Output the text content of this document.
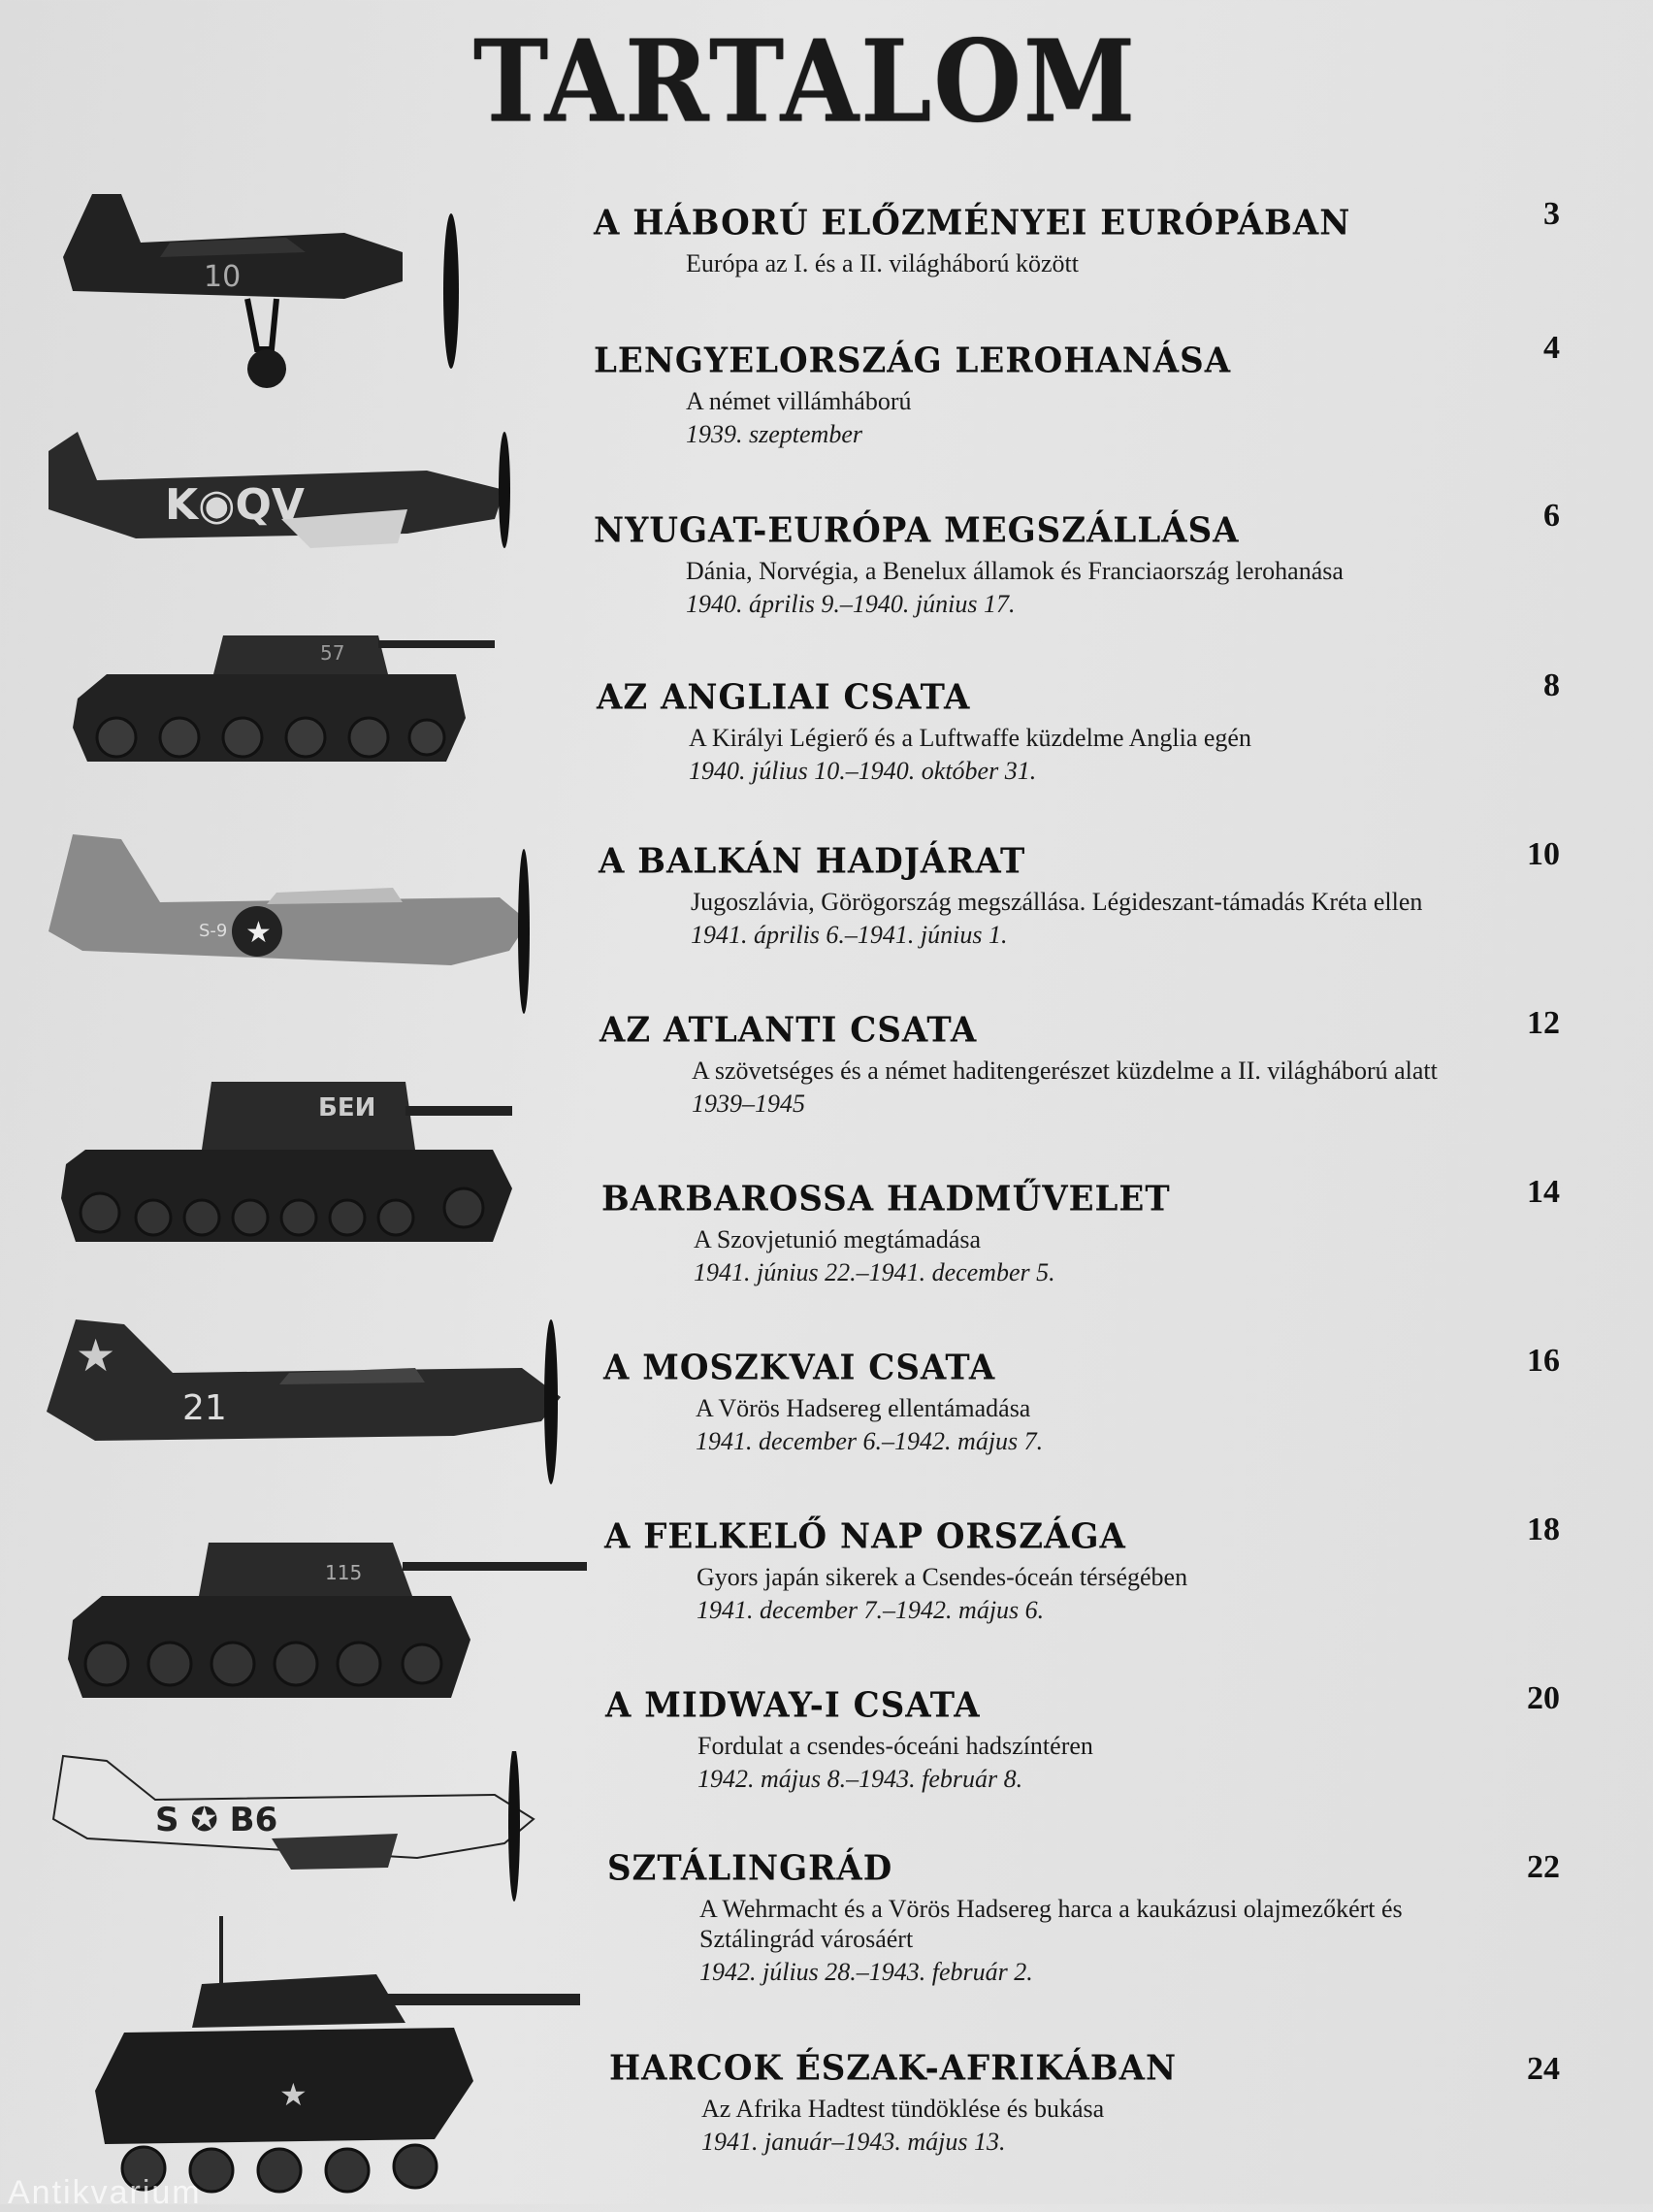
TARTALOM
A HÁBORÚ ELŐZMÉNYEI EURÓPÁBAN
Európa az I. és a II. világháború között
3
LENGYELORSZÁG LEROHANÁSA
A német villámháború
1939. szeptember
4
NYUGAT-EURÓPA MEGSZÁLLÁSA
Dánia, Norvégia, a Benelux államok és Franciaország lerohanása
1940. április 9.–1940. június 17.
6
AZ ANGLIAI CSATA
A Királyi Légierő és a Luftwaffe küzdelme Anglia egén
1940. július 10.–1940. október 31.
8
A BALKÁN HADJÁRAT
Jugoszlávia, Görögország megszállása. Légideszant-támadás Kréta ellen
1941. április 6.–1941. június 1.
10
AZ ATLANTI CSATA
A szövetséges és a német haditengerészet küzdelme a II. világháború alatt
1939–1945
12
BARBAROSSA HADMŰVELET
A Szovjetunió megtámadása
1941. június 22.–1941. december 5.
14
A MOSZKVAI CSATA
A Vörös Hadsereg ellentámadása
1941. december 6.–1942. május 7.
16
A FELKELŐ NAP ORSZÁGA
Gyors japán sikerek a Csendes-óceán térségében
1941. december 7.–1942. május 6.
18
A MIDWAY-I CSATA
Fordulat a csendes-óceáni hadszíntéren
1942. május 8.–1943. február 8.
20
SZTÁLINGRÁD
A Wehrmacht és a Vörös Hadsereg harca a kaukázusi olajmezőkért és Sztálingrád városáért
1942. július 28.–1943. február 2.
22
HARCOK ÉSZAK-AFRIKÁBAN
Az Afrika Hadtest tündöklése és bukása
1941. január–1943. május 13.
24
10
K◉QV
57
★
S-9
БЕИ
★
21
115
S ✪ B6
★
Antikvarium
